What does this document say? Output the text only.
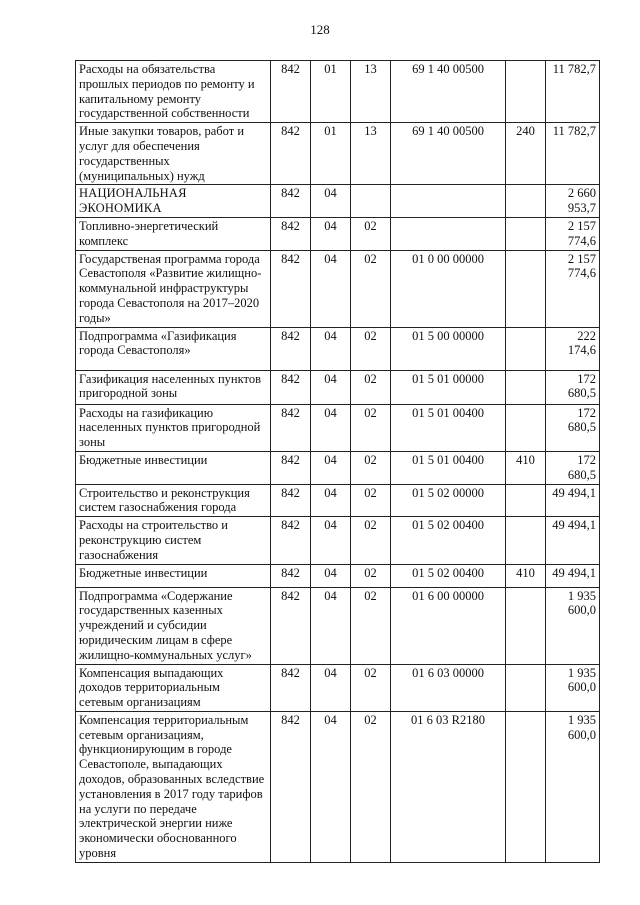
128
Расходы на обязательства прошлых периодов по ремонту и капитальному ремонту государственной собственности	842	01	13	69 1 40 00500		11 782,7
Иные закупки товаров, работ и услуг для обеспечения государственных (муниципальных) нужд	842	01	13	69 1 40 00500	240	11 782,7
НАЦИОНАЛЬНАЯ ЭКОНОМИКА	842	04				2 660 953,7
Топливно-энергетический комплекс	842	04	02			2 157 774,6
Государственая программа города Севастополя «Развитие жилищно-коммунальной инфраструктуры города Севастополя на 2017–2020 годы»	842	04	02	01 0 00 00000		2 157 774,6
Подпрограмма «Газификация города Севастополя»	842	04	02	01 5 00 00000		222 174,6
Газификация населенных пунктов пригородной зоны	842	04	02	01 5 01 00000		172 680,5
Расходы на газификацию населенных пунктов пригородной зоны	842	04	02	01 5 01 00400		172 680,5
Бюджетные инвестиции	842	04	02	01 5 01 00400	410	172 680,5
Строительство и реконструкция систем газоснабжения города	842	04	02	01 5 02 00000		49 494,1
Расходы на строительство и реконструкцию систем газоснабжения	842	04	02	01 5 02 00400		49 494,1
Бюджетные инвестиции	842	04	02	01 5 02 00400	410	49 494,1
Подпрограмма «Содержание государственных казенных учреждений и субсидии юридическим лицам в сфере жилищно-коммунальных услуг»	842	04	02	01 6 00 00000		1 935 600,0
Компенсация выпадающих доходов территориальным сетевым организациям	842	04	02	01 6 03 00000		1 935 600,0
Компенсация территориальным сетевым организациям, функционирующим в городе Севастополе, выпадающих доходов, образованных вследствие установления в 2017 году тарифов на услуги по передаче электрической энергии ниже экономически обоснованного уровня	842	04	02	01 6 03 R2180		1 935 600,0
